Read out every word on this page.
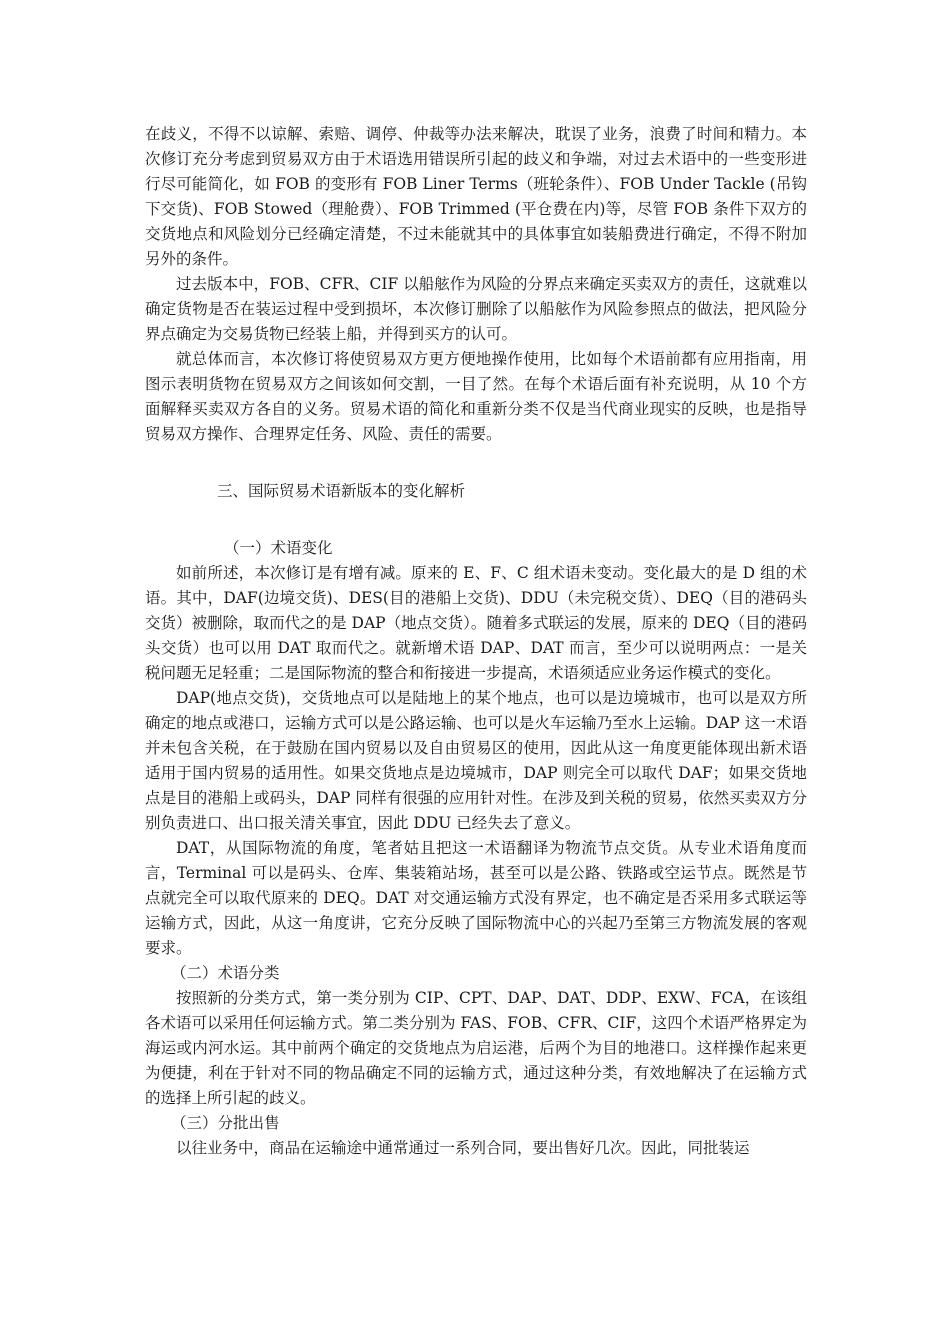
在歧义，不得不以谅解、索赔、调停、仲裁等办法来解决，耽误了业务，浪费了时间和精力。本次修订充分考虑到贸易双方由于术语选用错误所引起的歧义和争端，对过去术语中的一些变形进行尽可能简化，如 FOB 的变形有 FOB Liner Terms（班轮条件）、FOB Under Tackle (吊钩下交货)、FOB Stowed（理舱费）、FOB Trimmed (平仓费在内)等，尽管 FOB 条件下双方的交货地点和风险划分已经确定清楚，不过未能就其中的具体事宜如装船费进行确定，不得不附加另外的条件。

过去版本中，FOB、CFR、CIF 以船舷作为风险的分界点来确定买卖双方的责任，这就难以确定货物是否在装运过程中受到损坏，本次修订删除了以船舷作为风险参照点的做法，把风险分界点确定为交易货物已经装上船，并得到买方的认可。

就总体而言，本次修订将使贸易双方更方便地操作使用，比如每个术语前都有应用指南，用图示表明货物在贸易双方之间该如何交割，一目了然。在每个术语后面有补充说明，从 10 个方面解释买卖双方各自的义务。贸易术语的简化和重新分类不仅是当代商业现实的反映，也是指导贸易双方操作、合理界定任务、风险、责任的需要。

三、国际贸易术语新版本的变化解析

（一）术语变化

如前所述，本次修订是有增有减。原来的 E、F、C 组术语未变动。变化最大的是 D 组的术语。其中，DAF(边境交货)、DES(目的港船上交货)、DDU（未完税交货）、DEQ（目的港码头交货）被删除，取而代之的是 DAP（地点交货）。随着多式联运的发展，原来的 DEQ（目的港码头交货）也可以用 DAT 取而代之。就新增术语 DAP、DAT 而言，至少可以说明两点：一是关税问题无足轻重；二是国际物流的整合和衔接进一步提高，术语须适应业务运作模式的变化。

DAP(地点交货)，交货地点可以是陆地上的某个地点，也可以是边境城市，也可以是双方所确定的地点或港口，运输方式可以是公路运输、也可以是火车运输乃至水上运输。DAP 这一术语并未包含关税，在于鼓励在国内贸易以及自由贸易区的使用，因此从这一角度更能体现出新术语适用于国内贸易的适用性。如果交货地点是边境城市，DAP 则完全可以取代 DAF；如果交货地点是目的港船上或码头，DAP 同样有很强的应用针对性。在涉及到关税的贸易，依然买卖双方分别负责进口、出口报关清关事宜，因此 DDU 已经失去了意义。

DAT，从国际物流的角度，笔者姑且把这一术语翻译为物流节点交货。从专业术语角度而言，Terminal 可以是码头、仓库、集装箱站场，甚至可以是公路、铁路或空运节点。既然是节点就完全可以取代原来的 DEQ。DAT 对交通运输方式没有界定，也不确定是否采用多式联运等运输方式，因此，从这一角度讲，它充分反映了国际物流中心的兴起乃至第三方物流发展的客观要求。

（二）术语分类

按照新的分类方式，第一类分别为 CIP、CPT、DAP、DAT、DDP、EXW、FCA，在该组各术语可以采用任何运输方式。第二类分别为 FAS、FOB、CFR、CIF，这四个术语严格界定为海运或内河水运。其中前两个确定的交货地点为启运港，后两个为目的地港口。这样操作起来更为便捷，利在于针对不同的物品确定不同的运输方式，通过这种分类，有效地解决了在运输方式的选择上所引起的歧义。

（三）分批出售

以往业务中，商品在运输途中通常通过一系列合同，要出售好几次。因此，同批装运
